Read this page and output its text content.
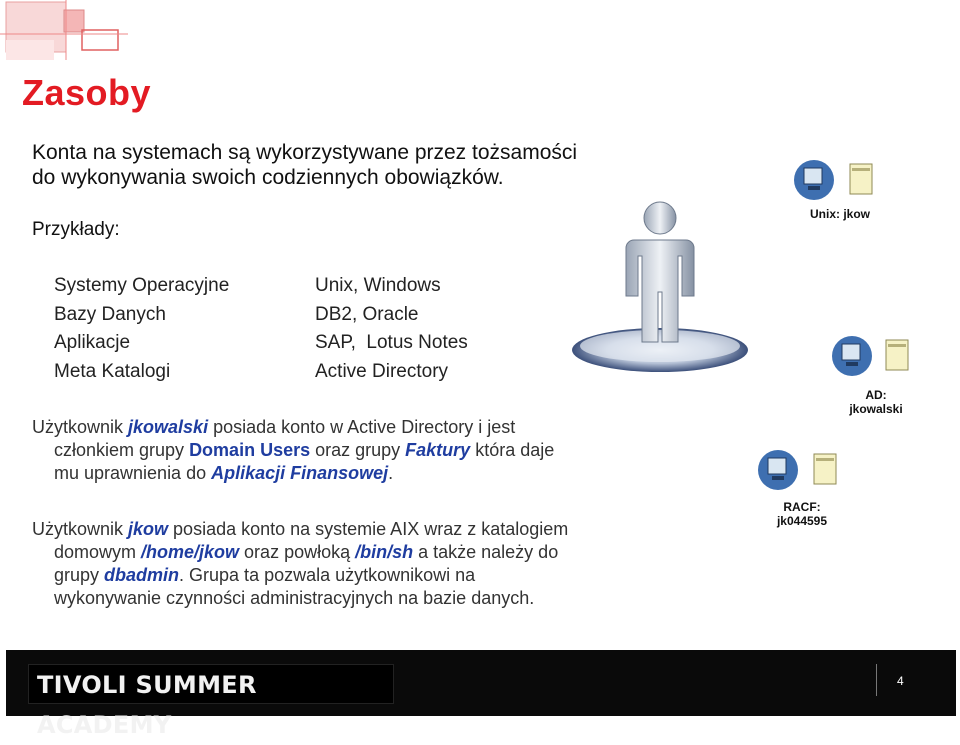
Zasoby
Konta na systemach są wykorzystywane przez tożsamości
do wykonywania swoich codziennych obowiązków.
Przykłady:
Systemy Operacyjne
Bazy Danych
Aplikacje
Meta Katalogi
Unix, Windows
DB2, Oracle
SAP,  Lotus Notes
Active Directory
Użytkownik jkowalski posiada konto w Active Directory i jest
członkiem grupy Domain Users oraz grupy Faktury która daje
mu uprawnienia do Aplikacji Finansowej.
Użytkownik jkow posiada konto na systemie AIX wraz z katalogiem
domowym /home/jkow oraz powłoką /bin/sh a także należy do
grupy dbadmin. Grupa ta pozwala użytkownikowi na
wykonywanie czynności administracyjnych na bazie danych.
Unix: jkow
AD:
jkowalski
RACF:
jk044595
TIVOLI SUMMER ACADEMY
4
